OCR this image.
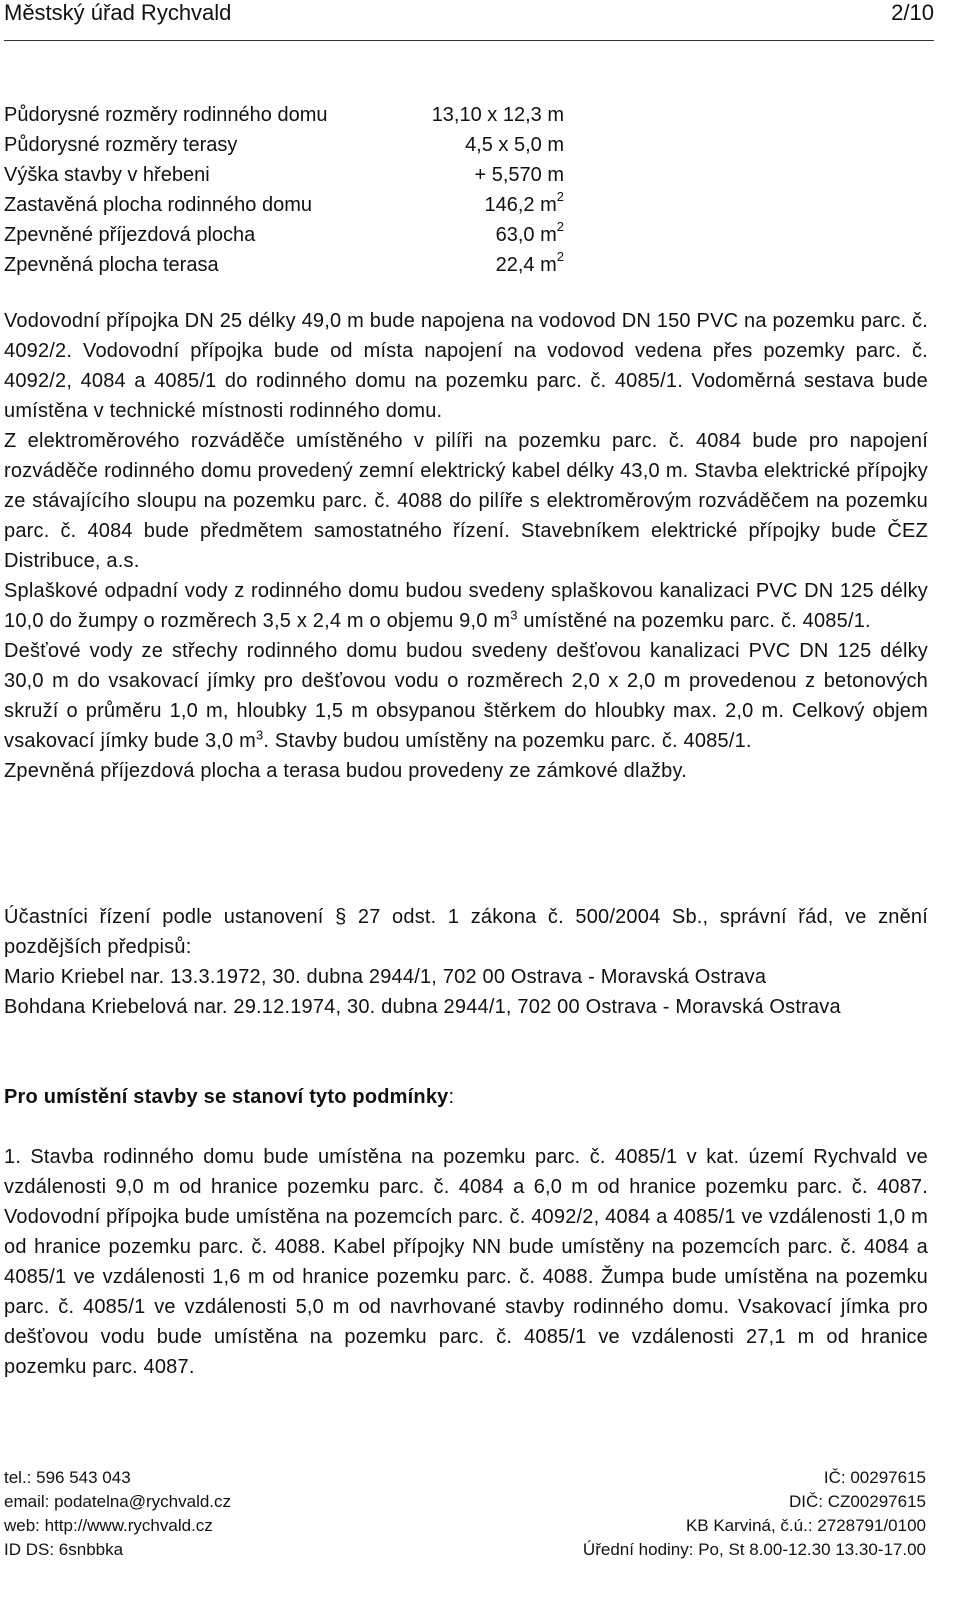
Městský úřad Rychvald	2/10
Půdorysné rozměry rodinného domu	13,10 x 12,3 m
Půdorysné rozměry terasy	4,5 x 5,0 m
Výška stavby v hřebeni	+ 5,570 m
Zastavěná plocha rodinného domu	146,2 $m^2$
Zpevněné příjezdová plocha	63,0 $m^2$
Zpevněná plocha terasa	22,4 $m^2$

Vodovodní přípojka DN 25 délky 49,0 m bude napojena na vodovod DN 150 PVC na pozemku parc. č. 4092/2. Vodovodní přípojka bude od místa napojení na vodovod vedena přes pozemky parc. č. 4092/2, 4084 a 4085/1 do rodinného domu na pozemku parc. č. 4085/1. Vodoměrná sestava bude umístěna v technické místnosti rodinného domu.

Z elektroměrového rozváděče umístěného v pilíři na pozemku parc. č. 4084 bude pro napojení rozváděče rodinného domu provedený zemní elektrický kabel délky 43,0 m. Stavba elektrické přípojky ze stávajícího sloupu na pozemku parc. č. 4088 do pilíře s elektroměrovým rozváděčem na pozemku parc. č. 4084 bude předmětem samostatného řízení. Stavebníkem elektrické přípojky bude ČEZ Distribuce, a.s.

Splaškové odpadní vody z rodinného domu budou svedeny splaškovou kanalizaci PVC DN 125 délky 10,0 do žumpy o rozměrech 3,5 x 2,4 m o objemu 9,0 $m^3$ umístěné na pozemku parc. č. 4085/1.

Dešťové vody ze střechy rodinného domu budou svedeny dešťovou kanalizaci PVC DN 125 délky 30,0 m do vsakovací jímky pro dešťovou vodu o rozměrech 2,0 x 2,0 m provedenou z betonových skruží o průměru 1,0 m, hloubky 1,5 m obsypanou štěrkem do hloubky max. 2,0 m. Celkový objem vsakovací jímky bude 3,0 $m^3$. Stavby budou umístěny na pozemku parc. č. 4085/1.

Zpevněná příjezdová plocha a terasa budou provedeny ze zámkové dlažby.

Účastníci řízení podle ustanovení § 27 odst. 1 zákona č. 500/2004 Sb., správní řád, ve znění pozdějších předpisů:

Mario Kriebel nar. 13.3.1972, 30. dubna 2944/1, 702 00 Ostrava - Moravská Ostrava

Bohdana Kriebelová nar. 29.12.1974, 30. dubna 2944/1, 702 00 Ostrava - Moravská Ostrava

Pro umístění stavby se stanoví tyto podmínky:

1. Stavba rodinného domu bude umístěna na pozemku parc. č. 4085/1 v kat. území Rychvald ve vzdálenosti 9,0 m od hranice pozemku parc. č. 4084 a 6,0 m od hranice pozemku parc. č. 4087. Vodovodní přípojka bude umístěna na pozemcích parc. č. 4092/2, 4084 a 4085/1 ve vzdálenosti 1,0 m od hranice pozemku parc. č. 4088. Kabel přípojky NN bude umístěny na pozemcích parc. č. 4084 a 4085/1 ve vzdálenosti 1,6 m od hranice pozemku parc. č. 4088. Žumpa bude umístěna na pozemku parc. č. 4085/1 ve vzdálenosti 5,0 m od navrhované stavby rodinného domu. Vsakovací jímka pro dešťovou vodu bude umístěna na pozemku parc. č. 4085/1 ve vzdálenosti 27,1 m od hranice pozemku parc. 4087.

tel.: 596 543 043	IČ: 00297615
email: podatelna@rychvald.cz	DIČ: CZ00297615
web: http://www.rychvald.cz	KB Karviná, č.ú.: 2728791/0100
ID DS: 6snbbka	Úřední hodiny: Po, St 8.00-12.30 13.30-17.00
